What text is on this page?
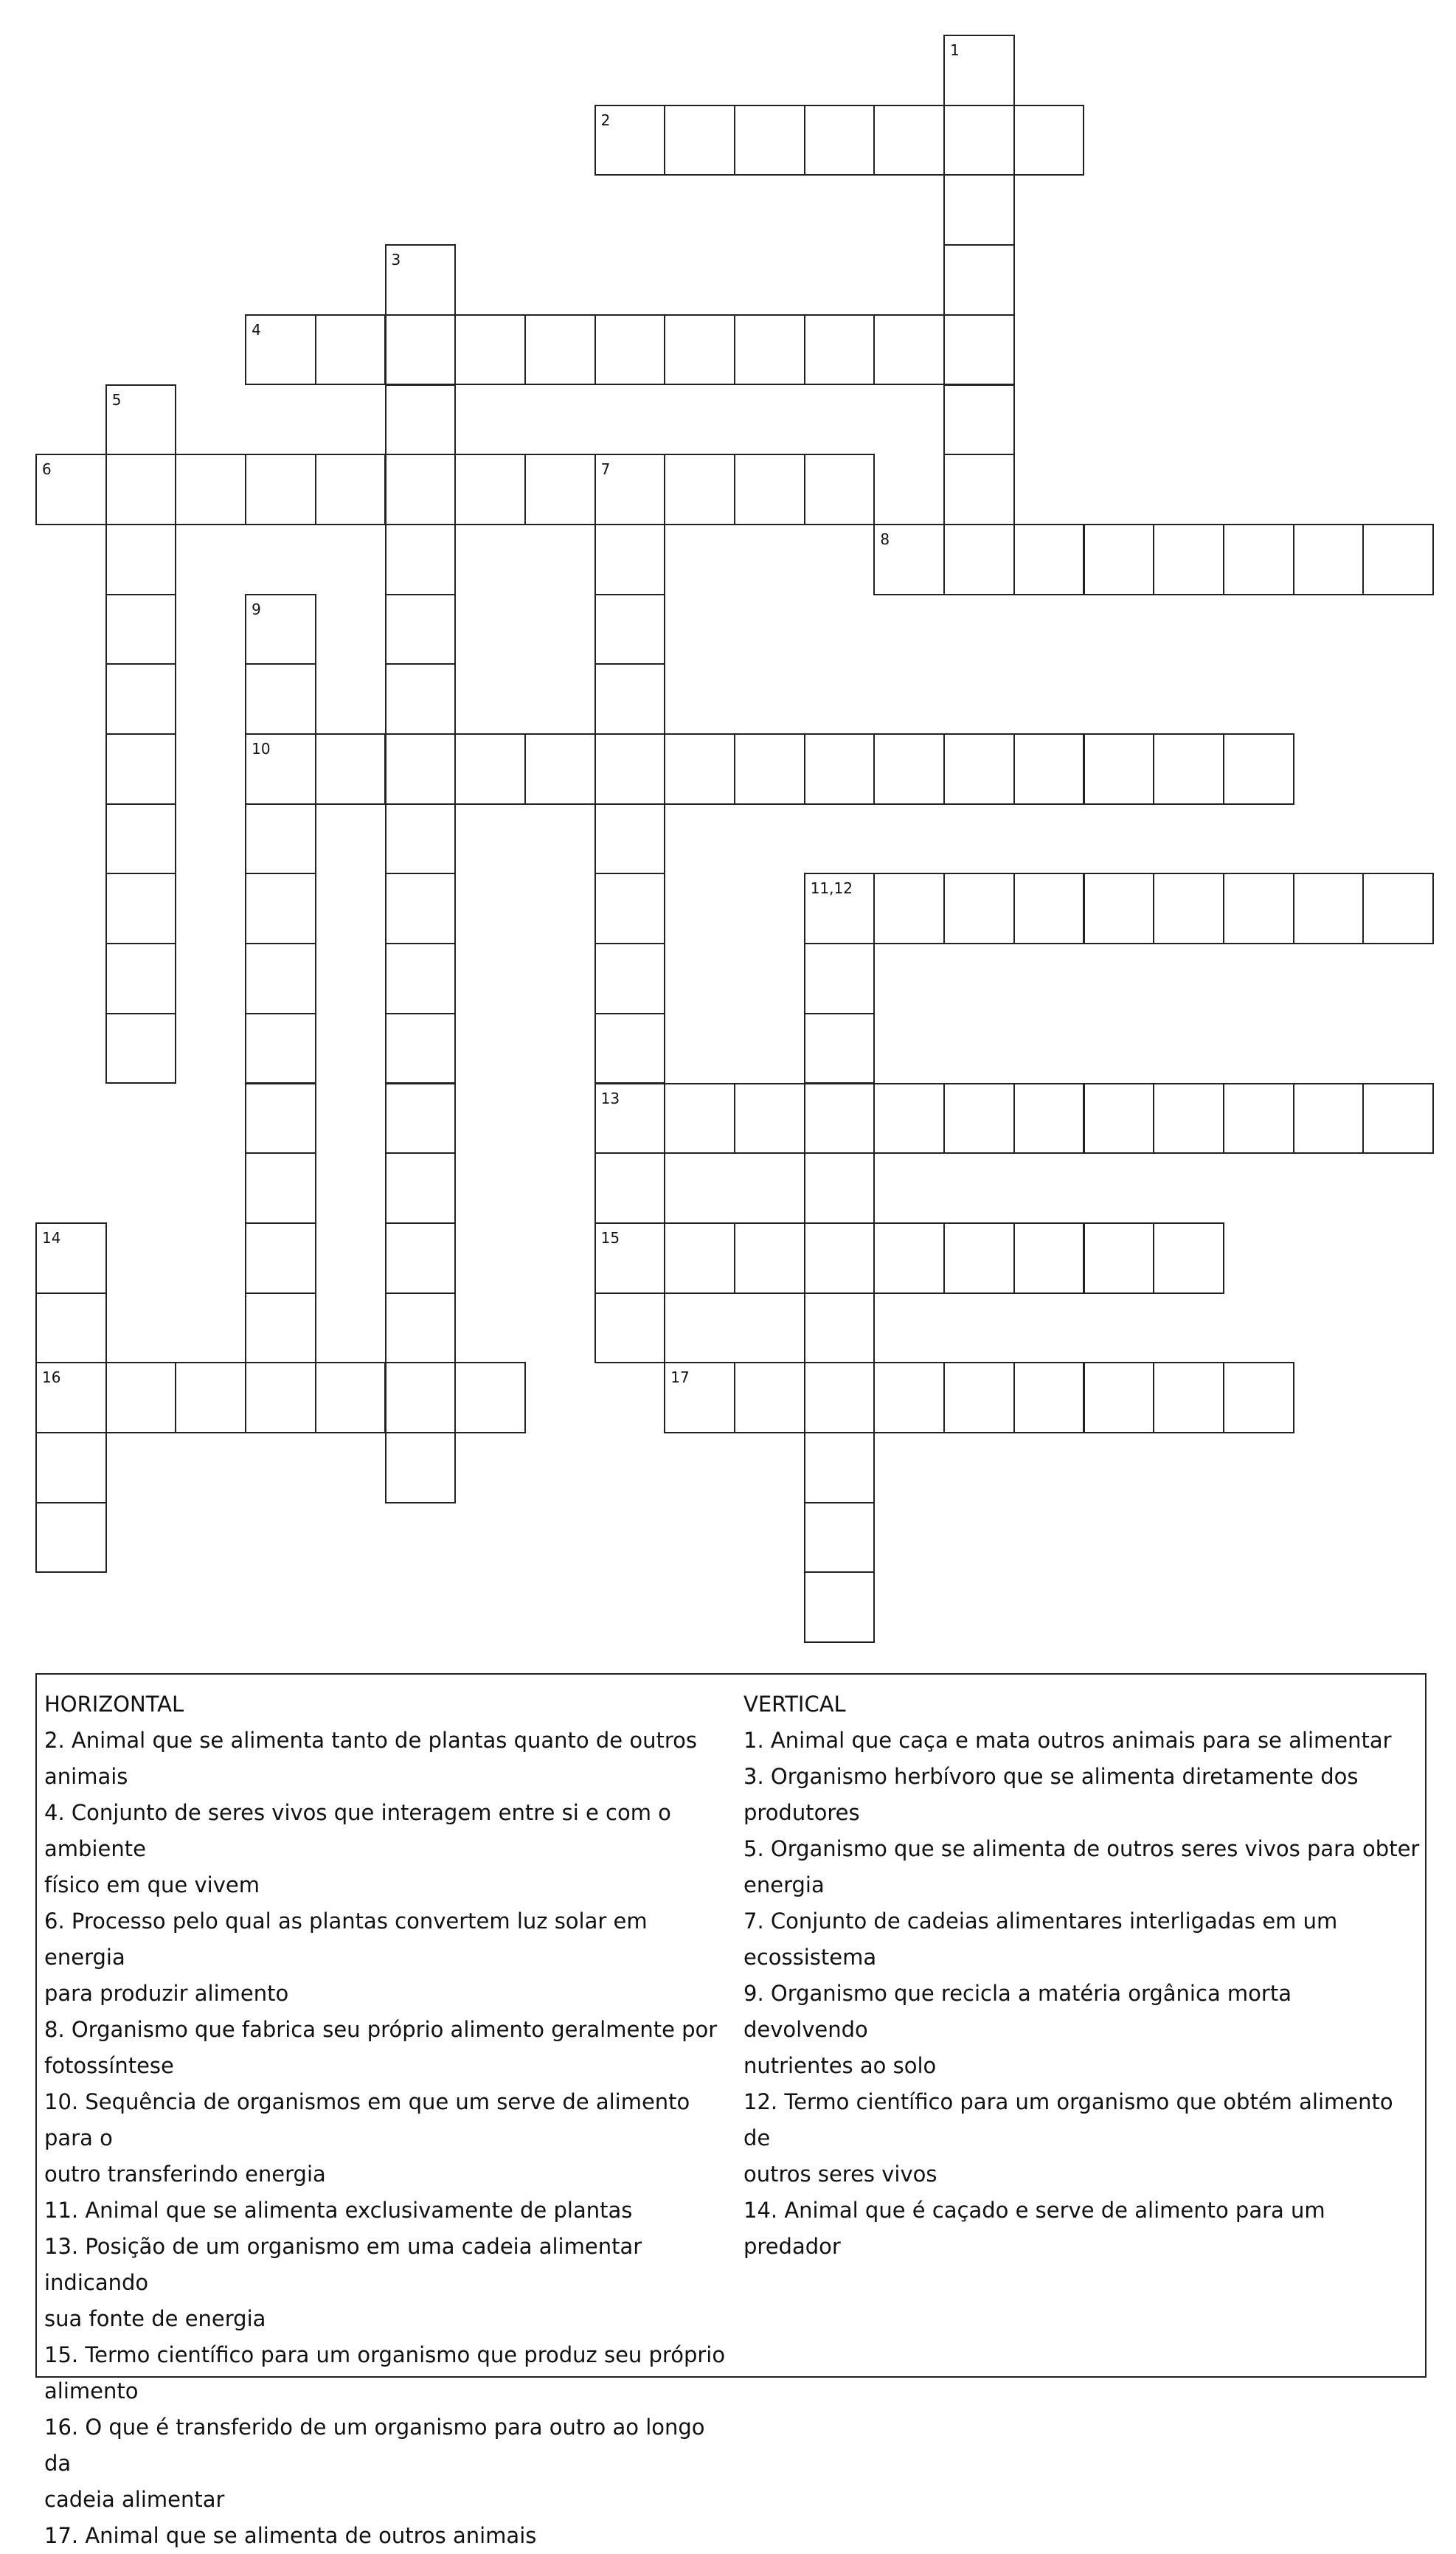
2
4
6
8
10
11,12
13
15
16	17
1
3
5
7
9
14

HORIZONTAL

2. Animal que se alimenta tanto de plantas quanto de outros animais

4. Conjunto de seres vivos que interagem entre si e com o ambiente

físico em que vivem

6. Processo pelo qual as plantas convertem luz solar em energia

para produzir alimento

8. Organismo que fabrica seu próprio alimento geralmente por

fotossíntese

10. Sequência de organismos em que um serve de alimento para o

outro transferindo energia

11. Animal que se alimenta exclusivamente de plantas

13. Posição de um organismo em uma cadeia alimentar indicando

sua fonte de energia

15. Termo científico para um organismo que produz seu próprio

alimento

16. O que é transferido de um organismo para outro ao longo da

cadeia alimentar

17. Animal que se alimenta de outros animais

VERTICAL

1. Animal que caça e mata outros animais para se alimentar

3. Organismo herbívoro que se alimenta diretamente dos produtores

5. Organismo que se alimenta de outros seres vivos para obter

energia

7. Conjunto de cadeias alimentares interligadas em um ecossistema

9. Organismo que recicla a matéria orgânica morta devolvendo

nutrientes ao solo

12. Termo científico para um organismo que obtém alimento de

outros seres vivos

14. Animal que é caçado e serve de alimento para um predador
